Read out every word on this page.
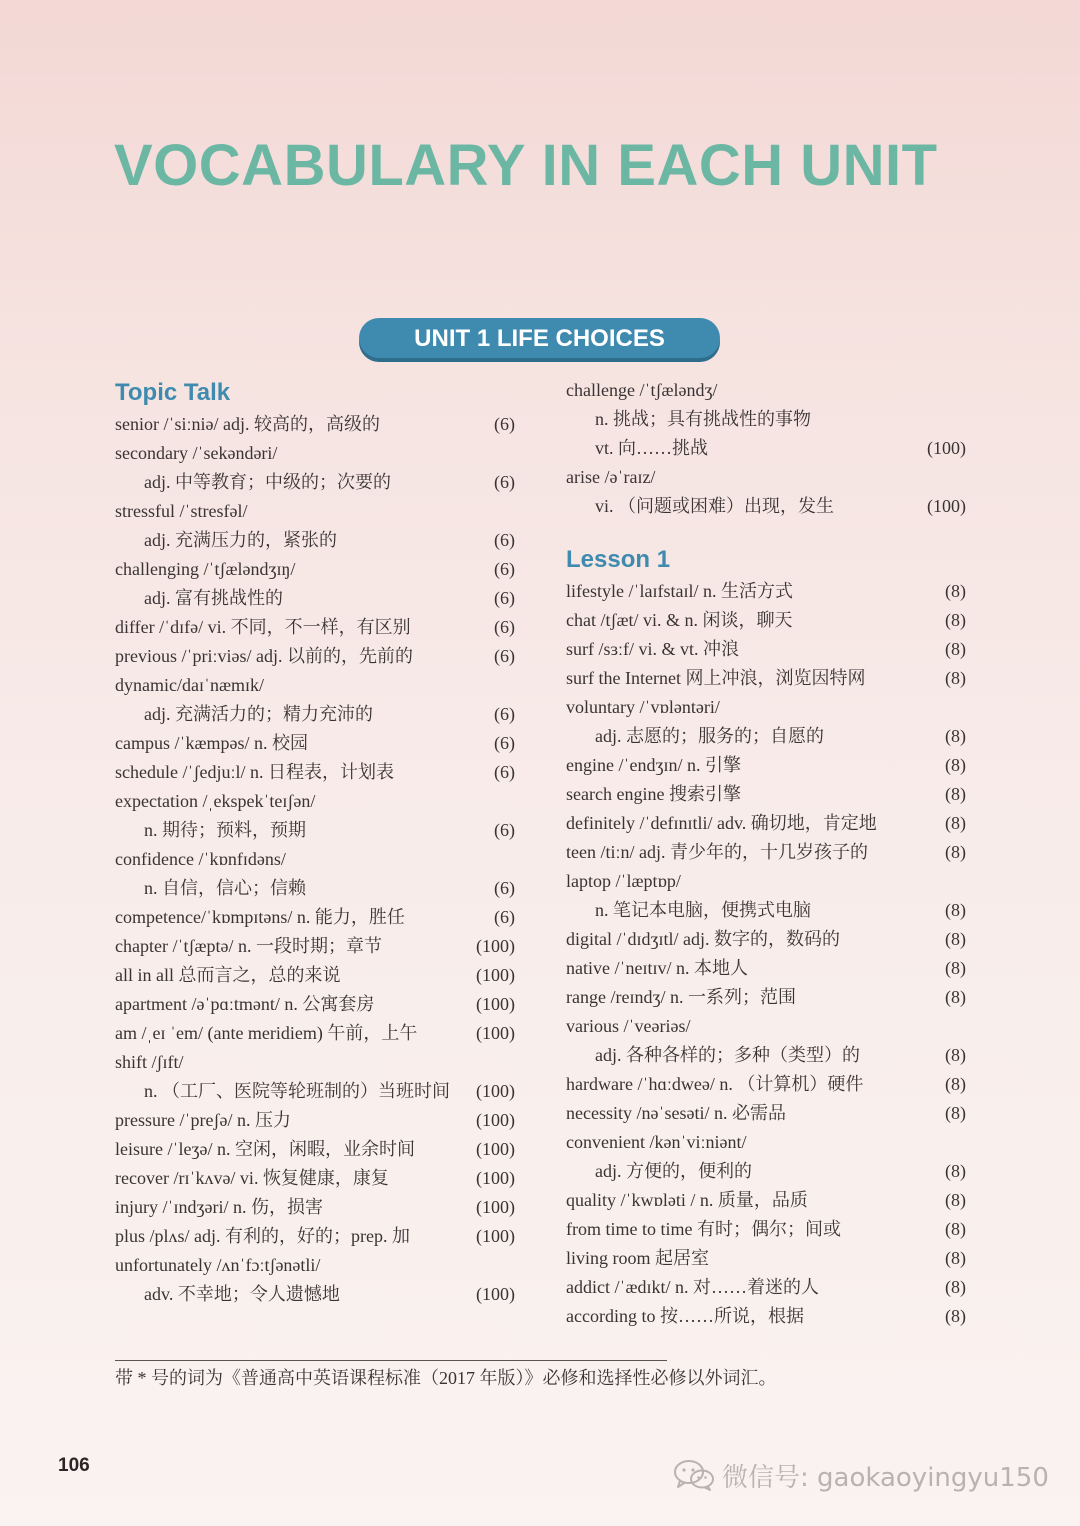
VOCABULARY IN EACH UNIT
UNIT 1 LIFE CHOICES
Topic Talk
senior /ˈsiːniə/ adj. 较高的，高级的	(6)
secondary /ˈsekəndəri/
adj. 中等教育；中级的；次要的	(6)
stressful /ˈstresfəl/
adj. 充满压力的，紧张的	(6)
challenging /ˈtʃæləndʒɪŋ/	(6)
adj. 富有挑战性的	(6)
differ /ˈdɪfə/ vi. 不同，不一样，有区别	(6)
previous /ˈpriːviəs/ adj. 以前的，先前的	(6)
dynamic/daɪˈnæmɪk/
adj. 充满活力的；精力充沛的	(6)
campus /ˈkæmpəs/ n. 校园	(6)
schedule /ˈʃedjuːl/ n. 日程表，计划表	(6)
expectation /ˌekspekˈteɪʃən/
n. 期待；预料，预期	(6)
confidence /ˈkɒnfɪdəns/
n. 自信，信心；信赖	(6)
competence/ˈkɒmpɪtəns/ n. 能力，胜任	(6)
chapter /ˈtʃæptə/ n. 一段时期；章节	(100)
all in all 总而言之，总的来说	(100)
apartment /əˈpɑːtmənt/ n. 公寓套房	(100)
am /ˌeɪ ˈem/ (ante meridiem) 午前，上午	(100)
shift /ʃɪft/
n. （工厂、医院等轮班制的）当班时间 (100)
pressure /ˈpreʃə/ n. 压力	(100)
leisure /ˈleʒə/ n. 空闲，闲暇，业余时间	(100)
recover /rɪˈkʌvə/ vi. 恢复健康，康复	(100)
injury /ˈɪndʒəri/ n. 伤，损害	(100)
plus /plʌs/ adj. 有利的，好的；prep. 加	(100)
unfortunately /ʌnˈfɔːtʃənətli/
adv. 不幸地；令人遗憾地	(100)
challenge /ˈtʃæləndʒ/
n. 挑战；具有挑战性的事物
vt. 向……挑战	(100)
arise /əˈraɪz/
vi. （问题或困难）出现，发生	(100)
Lesson 1
lifestyle /ˈlaɪfstaɪl/ n. 生活方式	(8)
chat /tʃæt/ vi. & n. 闲谈，聊天	(8)
surf /sɜːf/ vi. & vt. 冲浪	(8)
surf the Internet 网上冲浪，浏览因特网	(8)
voluntary /ˈvɒləntəri/
adj. 志愿的；服务的；自愿的	(8)
engine /ˈendʒɪn/ n. 引擎	(8)
search engine 搜索引擎	(8)
definitely /ˈdefɪnɪtli/ adv. 确切地，肯定地	(8)
teen /tiːn/ adj. 青少年的，十几岁孩子的	(8)
laptop /ˈlæptɒp/
n. 笔记本电脑，便携式电脑	(8)
digital /ˈdɪdʒɪtl/ adj. 数字的，数码的	(8)
native /ˈneɪtɪv/ n. 本地人	(8)
range /reɪndʒ/ n. 一系列；范围	(8)
various /ˈveəriəs/
adj. 各种各样的；多种（类型）的	(8)
hardware /ˈhɑːdweə/ n. （计算机）硬件	(8)
necessity /nəˈsesəti/ n. 必需品	(8)
convenient /kənˈviːniənt/
adj. 方便的，便利的	(8)
quality /ˈkwɒləti / n. 质量，品质	(8)
from time to time 有时；偶尔；间或	(8)
living room 起居室	(8)
addict /ˈædɪkt/ n. 对……着迷的人	(8)
according to 按……所说，根据	(8)
带 * 号的词为《普通高中英语课程标准（2017 年版）》必修和选择性必修以外词汇。
106	微信号: gaokaoyingyu150
